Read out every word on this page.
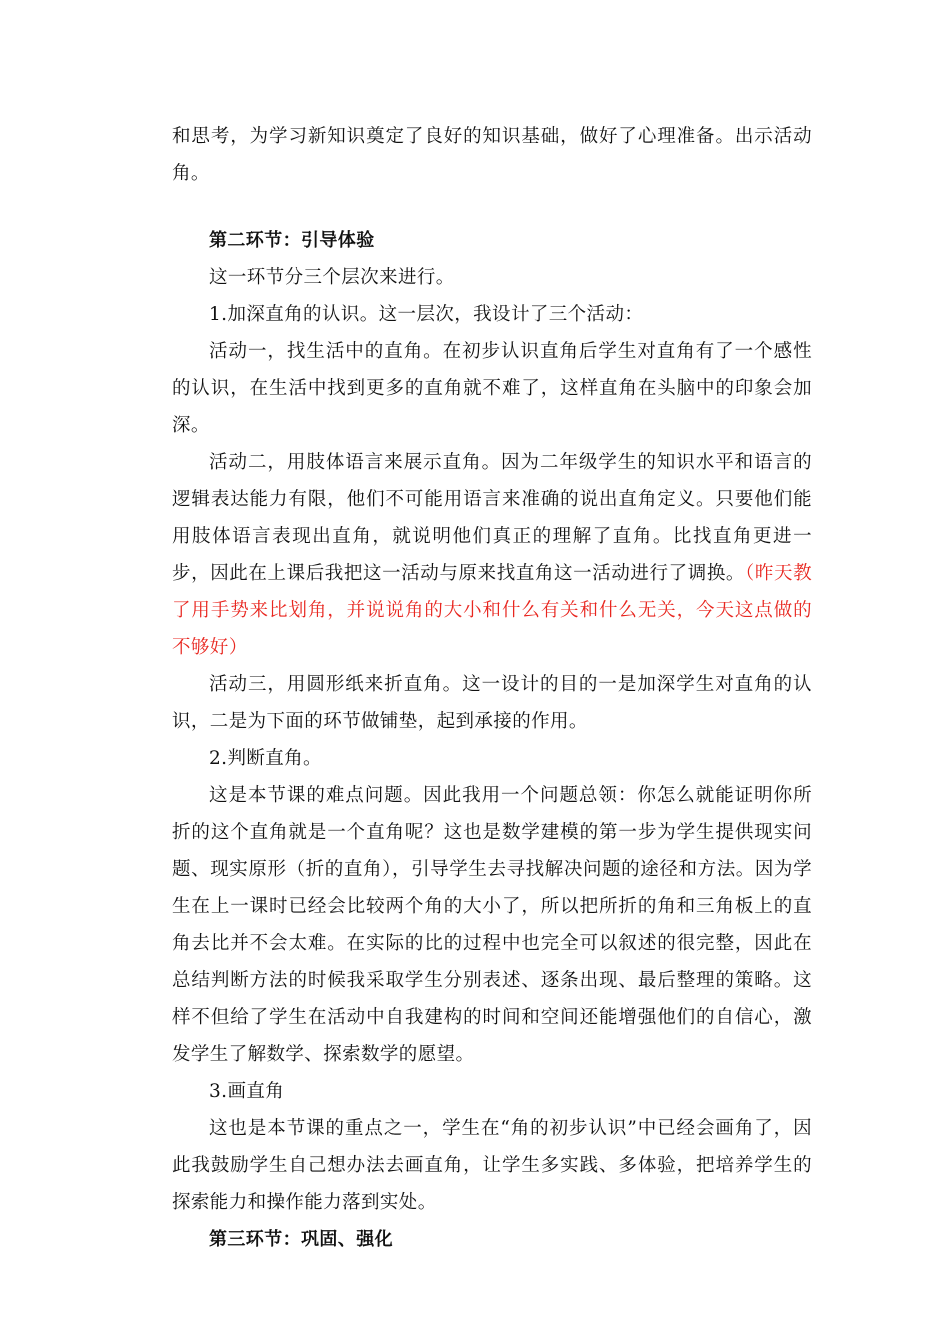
和思考，为学习新知识奠定了良好的知识基础，做好了心理准备。出示活动角。

第二环节：引导体验

这一环节分三个层次来进行。

1.加深直角的认识。这一层次，我设计了三个活动：

活动一，找生活中的直角。在初步认识直角后学生对直角有了一个感性的认识，在生活中找到更多的直角就不难了，这样直角在头脑中的印象会加深。

活动二，用肢体语言来展示直角。因为二年级学生的知识水平和语言的逻辑表达能力有限，他们不可能用语言来准确的说出直角定义。只要他们能用肢体语言表现出直角，就说明他们真正的理解了直角。比找直角更进一步，因此在上课后我把这一活动与原来找直角这一活动进行了调换。（昨天教了用手势来比划角，并说说角的大小和什么有关和什么无关，今天这点做的不够好）

活动三，用圆形纸来折直角。这一设计的目的一是加深学生对直角的认识，二是为下面的环节做铺垫，起到承接的作用。

2.判断直角。

这是本节课的难点问题。因此我用一个问题总领：你怎么就能证明你所折的这个直角就是一个直角呢？这也是数学建模的第一步为学生提供现实问题、现实原形（折的直角），引导学生去寻找解决问题的途径和方法。因为学生在上一课时已经会比较两个角的大小了，所以把所折的角和三角板上的直角去比并不会太难。在实际的比的过程中也完全可以叙述的很完整，因此在总结判断方法的时候我采取学生分别表述、逐条出现、最后整理的策略。这样不但给了学生在活动中自我建构的时间和空间还能增强他们的自信心，激发学生了解数学、探索数学的愿望。

3.画直角

这也是本节课的重点之一，学生在“角的初步认识”中已经会画角了，因此我鼓励学生自己想办法去画直角，让学生多实践、多体验，把培养学生的探索能力和操作能力落到实处。

第三环节：巩固、强化
